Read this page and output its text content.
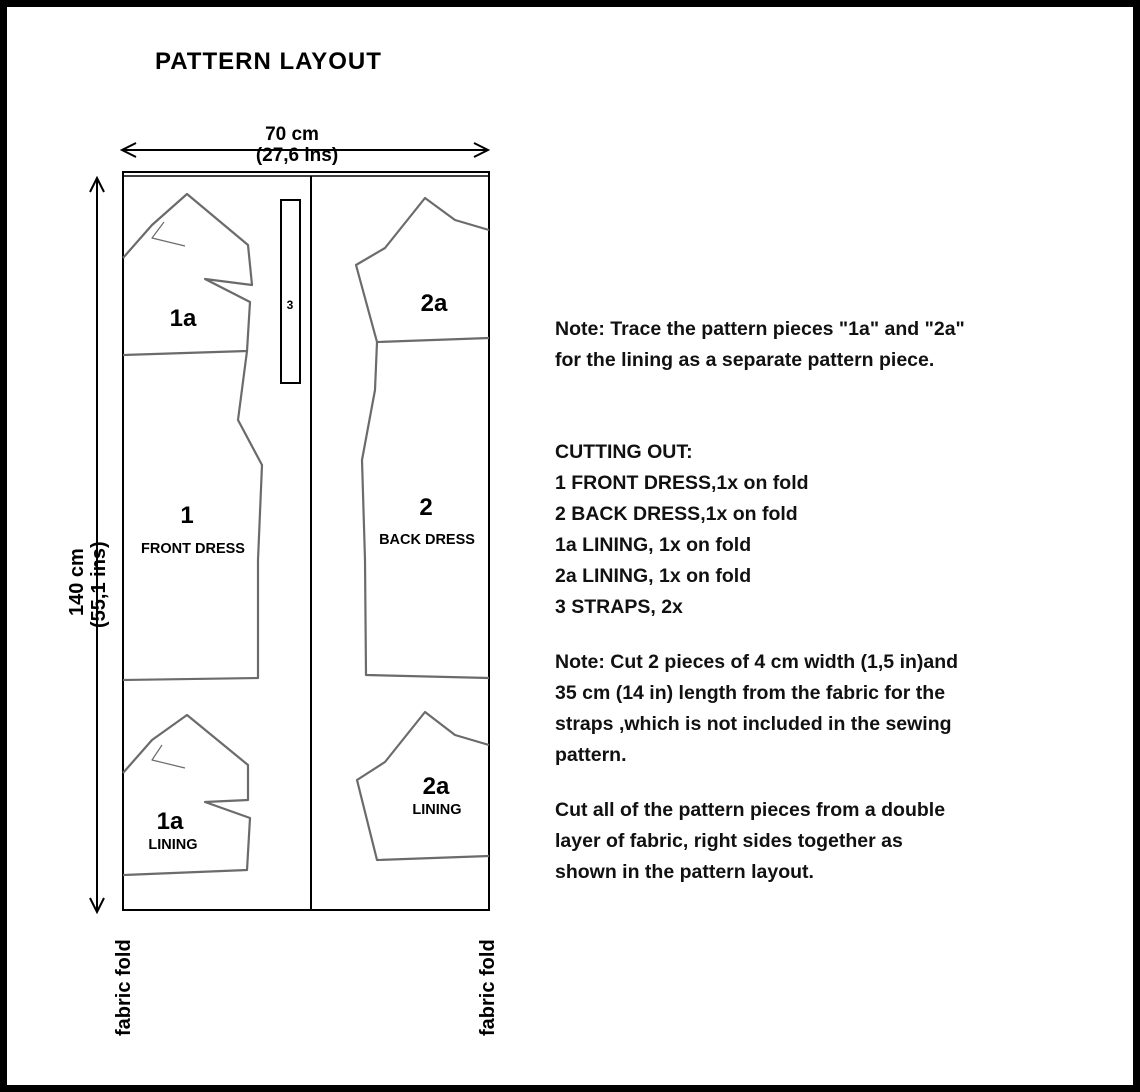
PATTERN LAYOUT
70 cm
(27,6 ins)
1a	3	2a
1
FRONT DRESS
2
BACK DRESS
1a
LINING
2a
LINING
140 cm (55,1 ins)
fabric fold	fabric fold

Note: Trace the pattern pieces "1a" and "2a"
for the lining as a separate pattern piece.

CUTTING OUT:
1 FRONT DRESS,1x on fold
2 BACK DRESS,1x on fold
1a LINING, 1x on fold
2a LINING, 1x on fold
3 STRAPS, 2x

Note: Cut 2 pieces of 4 cm width (1,5 in)and
35 cm (14 in) length from the fabric for the
straps ,which is not included in the sewing
pattern.

Cut all of the pattern pieces from a double
layer of fabric, right sides together as
shown in the pattern layout.
